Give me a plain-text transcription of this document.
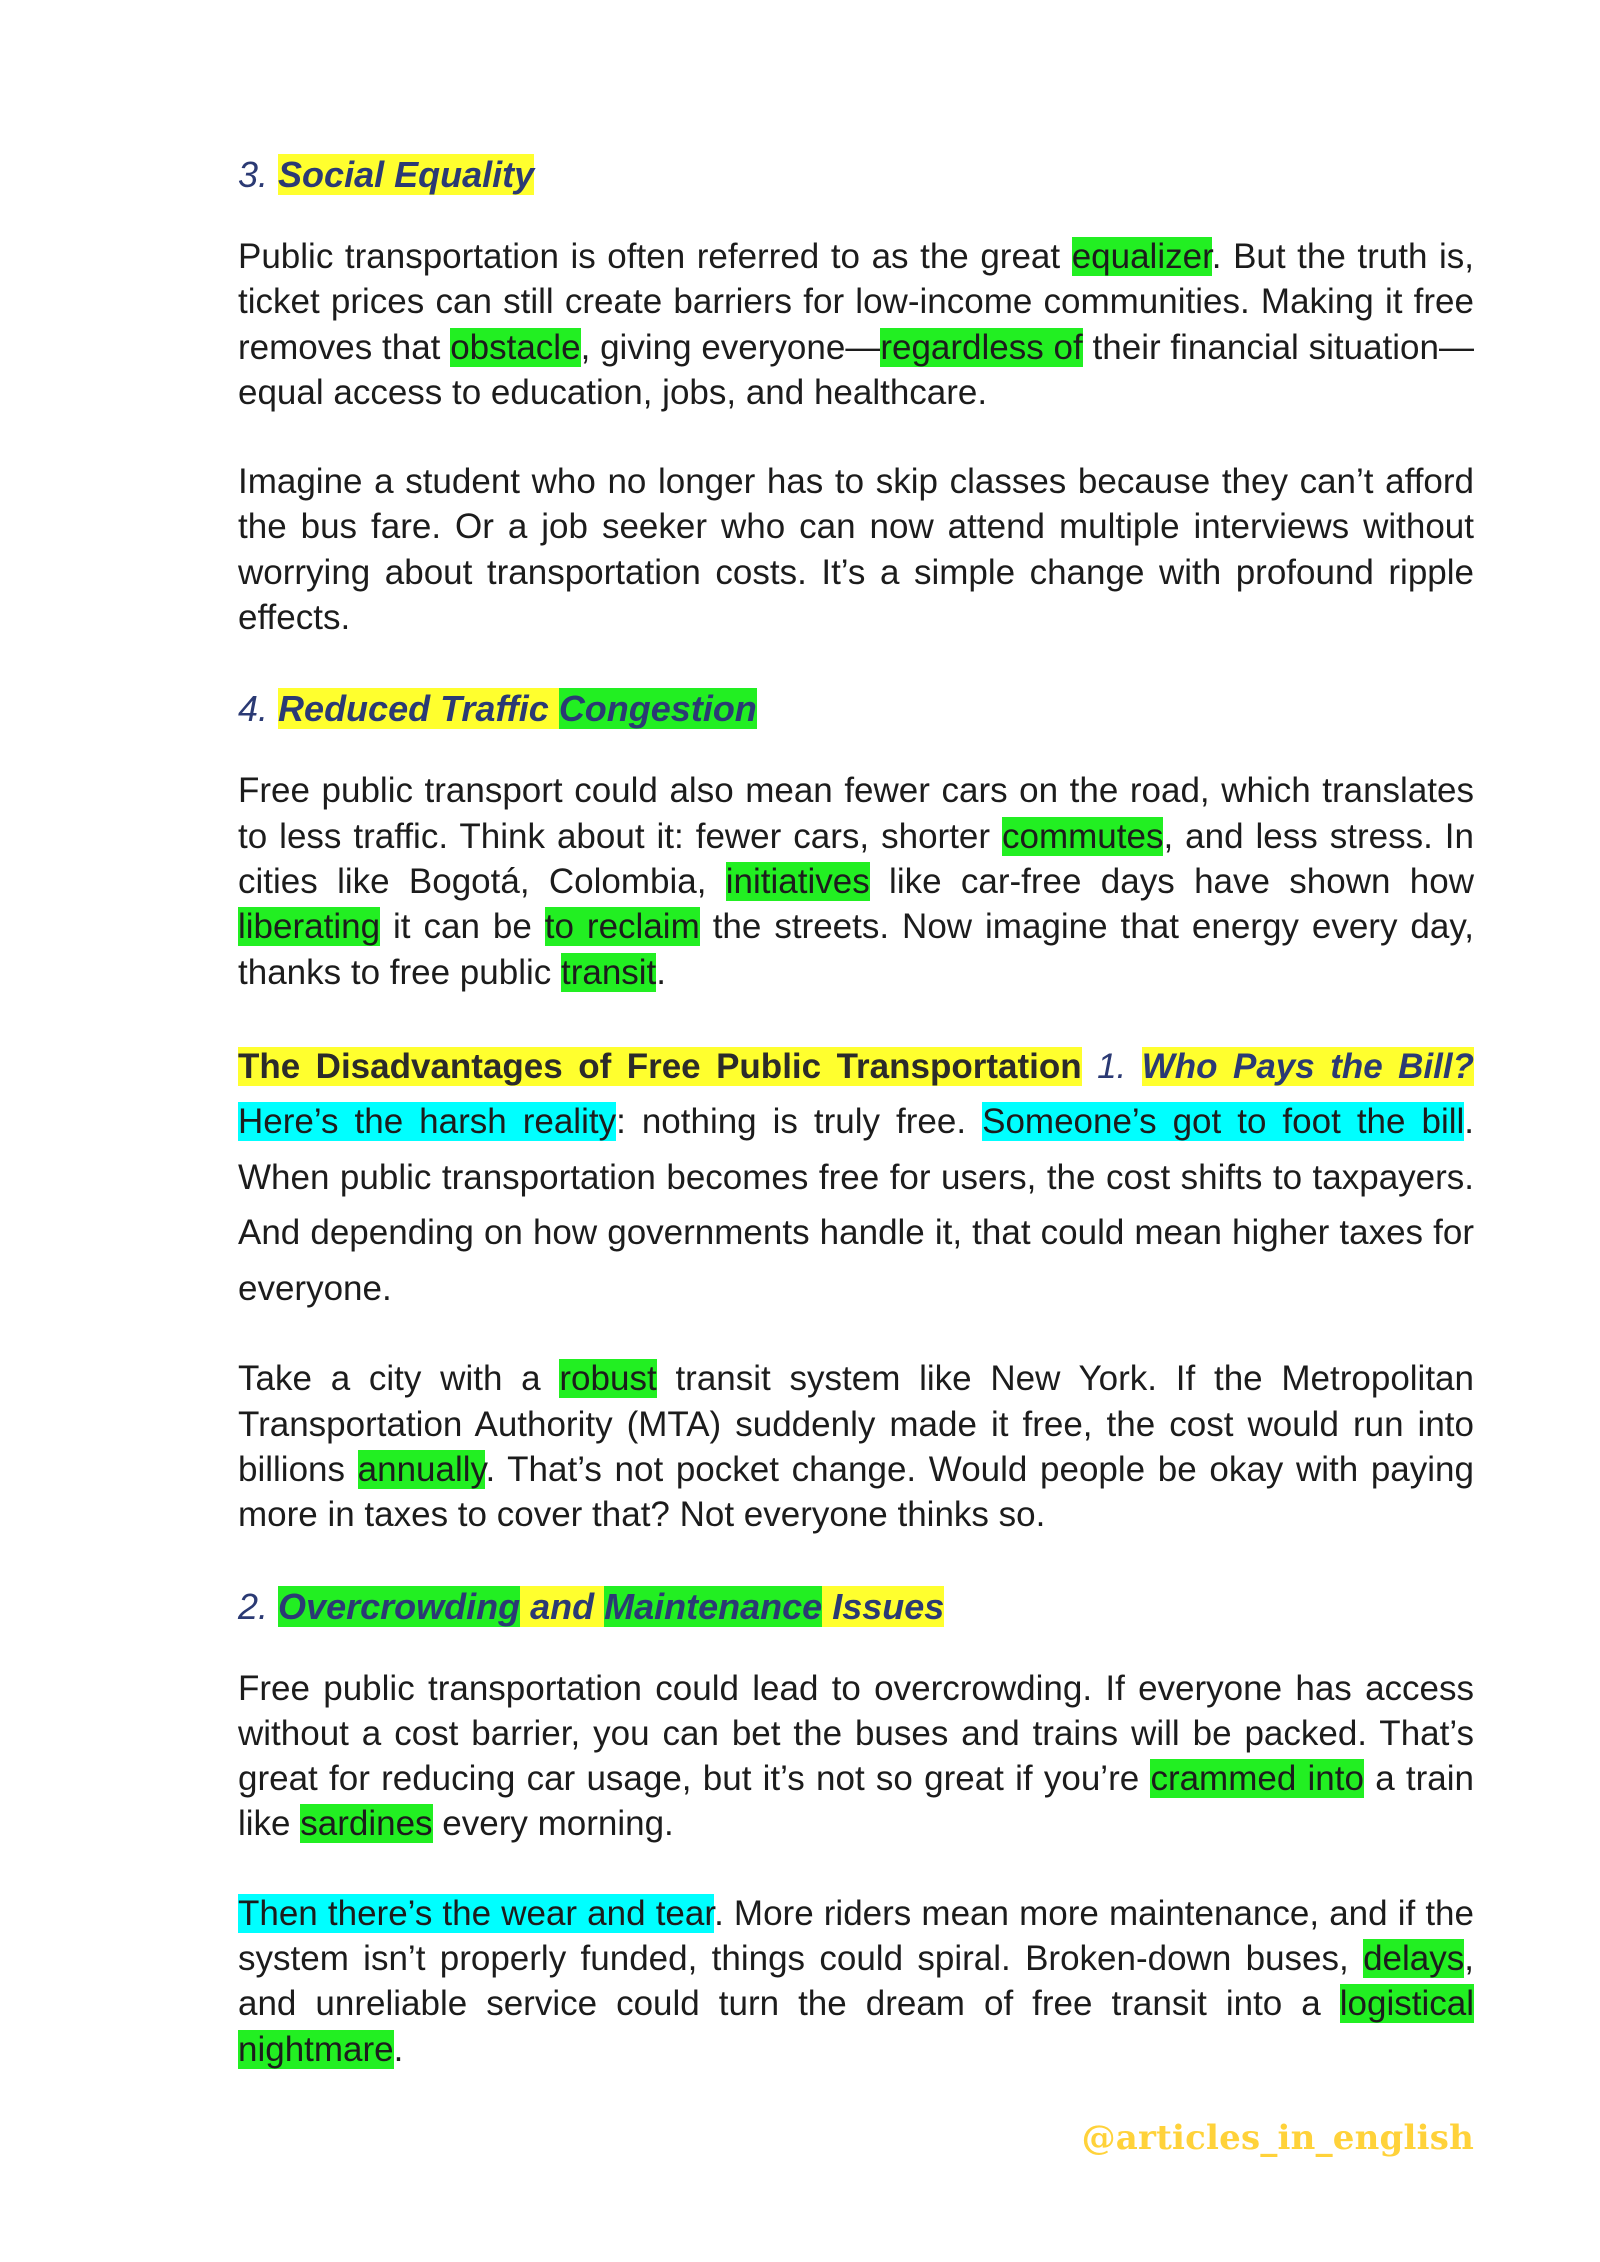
3. Social Equality

Public transportation is often referred to as the great equalizer. But the truth is, ticket prices can still create barriers for low-income communities. Making it free removes that obstacle, giving everyone—regardless of their financial situation—equal access to education, jobs, and healthcare.

Imagine a student who no longer has to skip classes because they can’t afford the bus fare. Or a job seeker who can now attend multiple interviews without worrying about transportation costs. It’s a simple change with profound ripple effects.

4. Reduced Traffic Congestion

Free public transport could also mean fewer cars on the road, which translates to less traffic. Think about it: fewer cars, shorter commutes, and less stress. In cities like Bogotá, Colombia, initiatives like car-free days have shown how liberating it can be to reclaim the streets. Now imagine that energy every day, thanks to free public transit.

The Disadvantages of Free Public Transportation 1. Who Pays the Bill? Here’s the harsh reality: nothing is truly free. Someone’s got to foot the bill. When public transportation becomes free for users, the cost shifts to taxpayers. And depending on how governments handle it, that could mean higher taxes for everyone.

Take a city with a robust transit system like New York. If the Metropolitan Transportation Authority (MTA) suddenly made it free, the cost would run into billions annually. That’s not pocket change. Would people be okay with paying more in taxes to cover that? Not everyone thinks so.

2. Overcrowding and Maintenance Issues

Free public transportation could lead to overcrowding. If everyone has access without a cost barrier, you can bet the buses and trains will be packed. That’s great for reducing car usage, but it’s not so great if you’re crammed into a train like sardines every morning.

Then there’s the wear and tear. More riders mean more maintenance, and if the system isn’t properly funded, things could spiral. Broken-down buses, delays, and unreliable service could turn the dream of free transit into a logistical nightmare.

@articles_in_english
